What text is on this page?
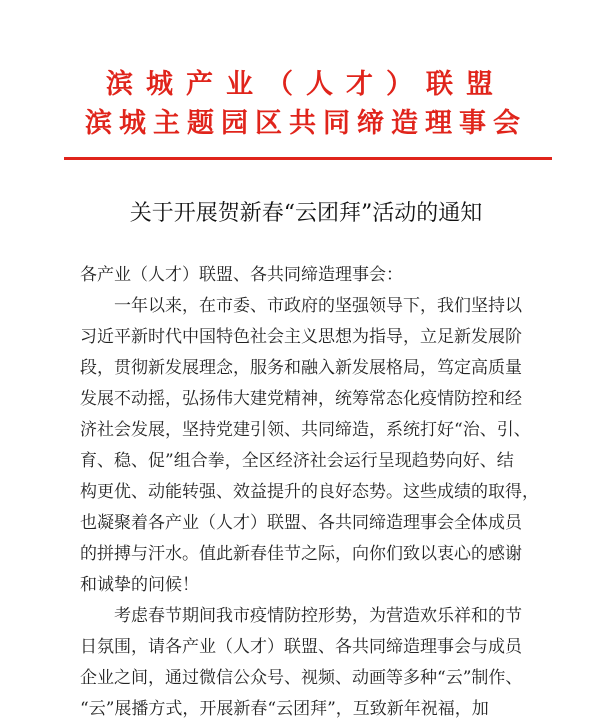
滨城产业（人才）联盟
滨城主题园区共同缔造理事会
关于开展贺新春“云团拜”活动的通知
各产业（人才）联盟、各共同缔造理事会：
　　一年以来，在市委、市政府的坚强领导下，我们坚持以
习近平新时代中国特色社会主义思想为指导，立足新发展阶
段，贯彻新发展理念，服务和融入新发展格局，笃定高质量
发展不动摇，弘扬伟大建党精神，统筹常态化疫情防控和经
济社会发展，坚持党建引领、共同缔造，系统打好“治、引、
育、稳、促”组合拳，全区经济社会运行呈现趋势向好、结
构更优、动能转强、效益提升的良好态势。这些成绩的取得，
也凝聚着各产业（人才）联盟、各共同缔造理事会全体成员
的拼搏与汗水。值此新春佳节之际，向你们致以衷心的感谢
和诚挚的问候！
　　考虑春节期间我市疫情防控形势，为营造欢乐祥和的节
日氛围，请各产业（人才）联盟、各共同缔造理事会与成员
企业之间，通过微信公众号、视频、动画等多种“云”制作、
“云”展播方式，开展新春“云团拜”，互致新年祝福，加
